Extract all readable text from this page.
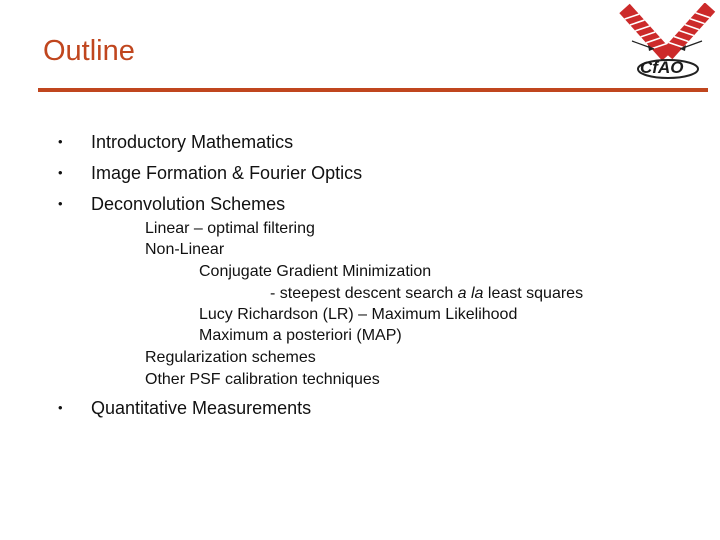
Outline
CfAO
• Introductory Mathematics
• Image Formation & Fourier Optics
• Deconvolution Schemes
Linear – optimal filtering
Non-Linear
Conjugate Gradient Minimization
- steepest descent search a la least squares
Lucy Richardson (LR) – Maximum Likelihood
Maximum a posteriori (MAP)
Regularization schemes
Other PSF calibration techniques
• Quantitative Measurements
